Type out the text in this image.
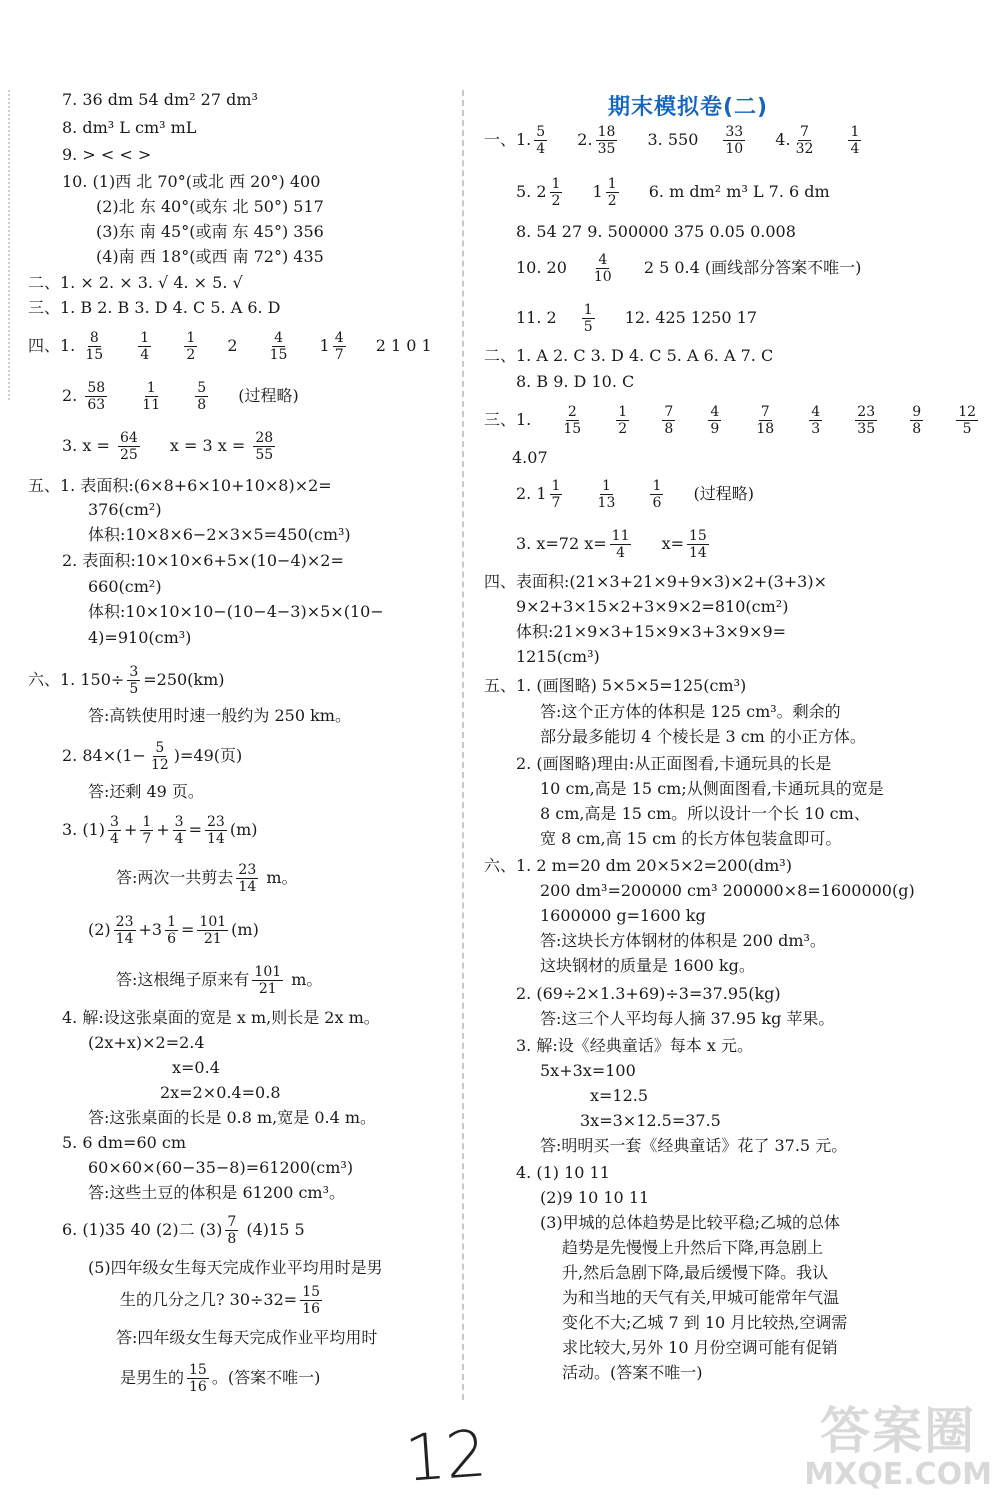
7. 36 dm 54 dm² 27 dm³
8. dm³ L cm³ mL
9. > < < >
10. (1)西 北 70°(或北 西 20°) 400
(2)北 东 40°(或东 北 50°) 517
(3)东 南 45°(或南 东 45°) 356
(4)南 西 18°(或西 南 72°) 435
二、1. × 2. × 3. √ 4. × 5. √
三、1. B 2. B 3. D 4. C 5. A 6. D
四、1. $\frac{8}{15}$
$\frac{1}{4}$
$\frac{1}{2} 2 \frac{4}{15} 1 \frac{4}{7} 2$ 1 0 1
2. $\frac{58}{63}$
$\frac{1}{11}$
$\frac{5}{8}$ (过程略)
3. $x = \frac{64}{25}$ x = 3 $x = \frac{28}{55}$
五、1. 表面积:(6×8+6×10+10×8)×2=
376(cm²)
体积:10×8×6−2×3×5=450(cm³)
2. 表面积:10×10×6+5×(10−4)×2=
660(cm²)
体积:10×10×10−(10−4−3)×5×(10−
4)=910(cm³)
六、1. $150\div \frac{3}{5} =250(km)$
答:高铁使用时速一般约为 250 km。
2. $84\times(1- \frac{5}{12} )=49$(页)
答:还剩 49 页。
3. $(1) \frac{3}{4} + \frac{1}{7} + \frac{3}{4} = \frac{23}{14} (m)$
答:两次一共剪去 $\frac{23}{14}$ m。
$(2) \frac{23}{14} +3 \frac{1}{6} = \frac{101}{21} (m)$
答:这根绳子原来有 $\frac{101}{21}$ m。
4. 解:设这张桌面的宽是 x m,则长是 2x m。
(2x+x)×2=2.4
x=0.4
2x=2×0.4=0.8
答:这张桌面的长是 0.8 m,宽是 0.4 m。
5. 6 dm=60 cm
60×60×(60−35−8)=61200(cm³)
答:这些土豆的体积是 61200 cm³。
6. (1)35 40 (2)二 $(3) \frac{7}{8} (4)15$ 5
(5)四年级女生每天完成作业平均用时是男
生的几分之几? $30\div 32= \frac{15}{16}$
答:四年级女生每天完成作业平均用时
是男生的 $\frac{15}{16}$ 。(答案不唯一)
期末模拟卷(二)
一、1. $\frac{5}{4} 2$. $\frac{18}{35} 3$. $550 \frac{33}{10} 4$. $\frac{7}{32}$
$\frac{1}{4}$
5. $2 \frac{1}{2} 1 \frac{1}{2} 6$. m dm² m³ L 7. 6 dm
8. 54 27 9. 500000 375 0.05 0.008
10. $20 \frac{4}{10} 2$ 5 0.4 (画线部分答案不唯一)
11. $2 \frac{1}{5} 12$. 425 1250 17
二、1. A 2. C 3. D 4. C 5. A 6. A 7. C
8. B 9. D 10. C
三、1. $\frac{2}{15}$
$\frac{1}{2}$
$\frac{7}{8}$
$\frac{4}{9}$
$\frac{7}{18}$
$\frac{4}{3}$
$\frac{23}{35}$
$\frac{9}{8}$
$\frac{12}{5}$
4.07
2. $1 \frac{1}{7}$
$\frac{1}{13}$
$\frac{1}{6}$ (过程略)
3. x=72 $x= \frac{11}{4} x= \frac{15}{14}$
四、表面积:(21×3+21×9+9×3)×2+(3+3)×
9×2+3×15×2+3×9×2=810(cm²)
体积:21×9×3+15×9×3+3×9×9=
1215(cm³)
五、1. (画图略) 5×5×5=125(cm³)
答:这个正方体的体积是 125 cm³。剩余的
部分最多能切 4 个棱长是 3 cm 的小正方体。
2. (画图略)理由:从正面图看,卡通玩具的长是
10 cm,高是 15 cm;从侧面图看,卡通玩具的宽是
8 cm,高是 15 cm。所以设计一个长 10 cm、
宽 8 cm,高 15 cm 的长方体包装盒即可。
六、1. 2 m=20 dm 20×5×2=200(dm³)
200 dm³=200000 cm³ 200000×8=1600000(g)
1600000 g=1600 kg
答:这块长方体钢材的体积是 200 dm³。
这块钢材的质量是 1600 kg。
2. (69÷2×1.3+69)÷3=37.95(kg)
答:这三个人平均每人摘 37.95 kg 苹果。
3. 解:设《经典童话》每本 x 元。
5x+3x=100
x=12.5
3x=3×12.5=37.5
答:明明买一套《经典童话》花了 37.5 元。
4. (1) 10 11
(2)9 10 10 11
(3)甲城的总体趋势是比较平稳;乙城的总体
趋势是先慢慢上升然后下降,再急剧上
升,然后急剧下降,最后缓慢下降。我认
为和当地的天气有关,甲城可能常年气温
变化不大;乙城 7 到 10 月比较热,空调需
求比较大,另外 10 月份空调可能有促销
活动。(答案不唯一)
12	答案圈
MXQE.COM
